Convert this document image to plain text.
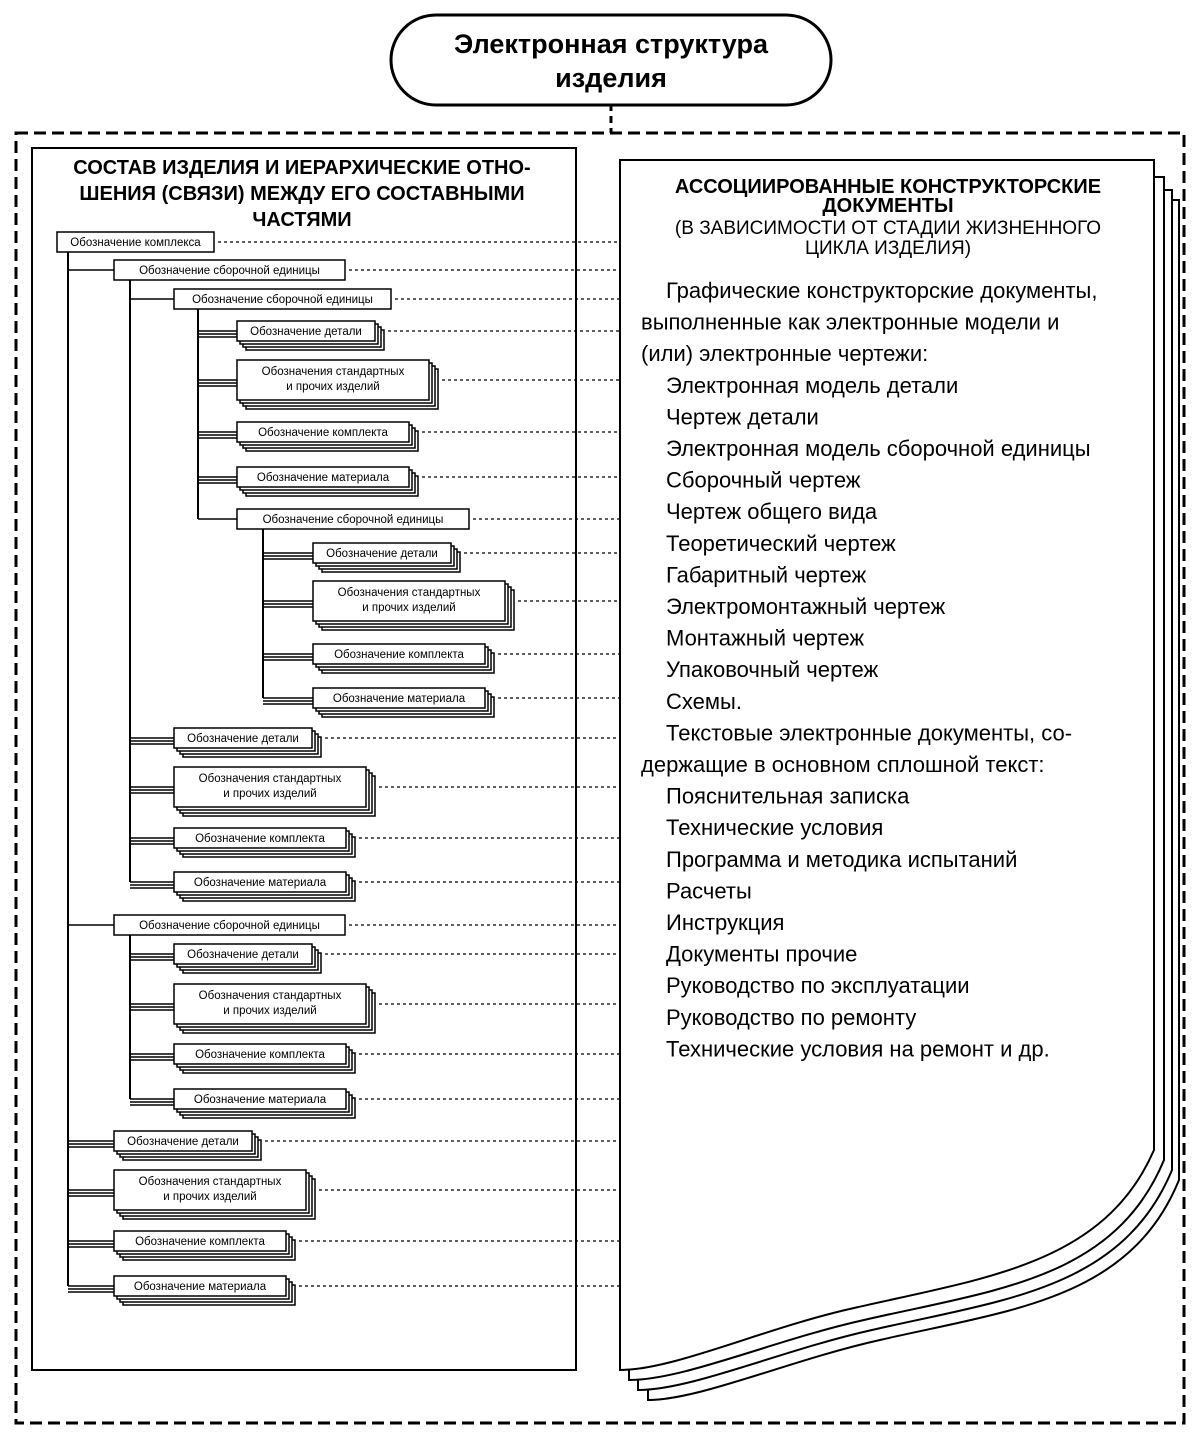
Электронная структура
изделия
СОСТАВ ИЗДЕЛИЯ И ИЕРАРХИЧЕСКИЕ ОТНО-
ШЕНИЯ (СВЯЗИ) МЕЖДУ ЕГО СОСТАВНЫМИ
ЧАСТЯМИ
АССОЦИИРОВАННЫЕ КОНСТРУКТОРСКИЕ
ДОКУМЕНТЫ
(В ЗАВИСИМОСТИ ОТ СТАДИИ ЖИЗНЕННОГО
ЦИКЛА ИЗДЕЛИЯ)
Обозначение комплекса
Обозначение сборочной единицы
Обозначение сборочной единицы
Обозначение детали
Обозначения стандартных
и прочих изделий
Обозначение комплекта
Обозначение материала
Обозначение сборочной единицы
Обозначение детали
Обозначения стандартных
и прочих изделий
Обозначение комплекта
Обозначение материала
Обозначение детали
Обозначения стандартных
и прочих изделий
Обозначение комплекта
Обозначение материала
Обозначение сборочной единицы
Обозначение детали
Обозначения стандартных
и прочих изделий
Обозначение комплекта
Обозначение материала
Обозначение детали
Обозначения стандартных
и прочих изделий
Обозначение комплекта
Обозначение материала
Графические конструкторские документы,
выполненные как электронные модели и
(или) электронные чертежи:
Электронная модель детали
Чертеж детали
Электронная модель сборочной единицы
Сборочный чертеж
Чертеж общего вида
Теоретический чертеж
Габаритный чертеж
Электромонтажный чертеж
Монтажный чертеж
Упаковочный чертеж
Схемы.
Текстовые электронные документы, со-
держащие в основном сплошной текст:
Пояснительная записка
Технические условия
Программа и методика испытаний
Расчеты
Инструкция
Документы прочие
Руководство по эксплуатации
Руководство по ремонту
Технические условия на ремонт и др.
